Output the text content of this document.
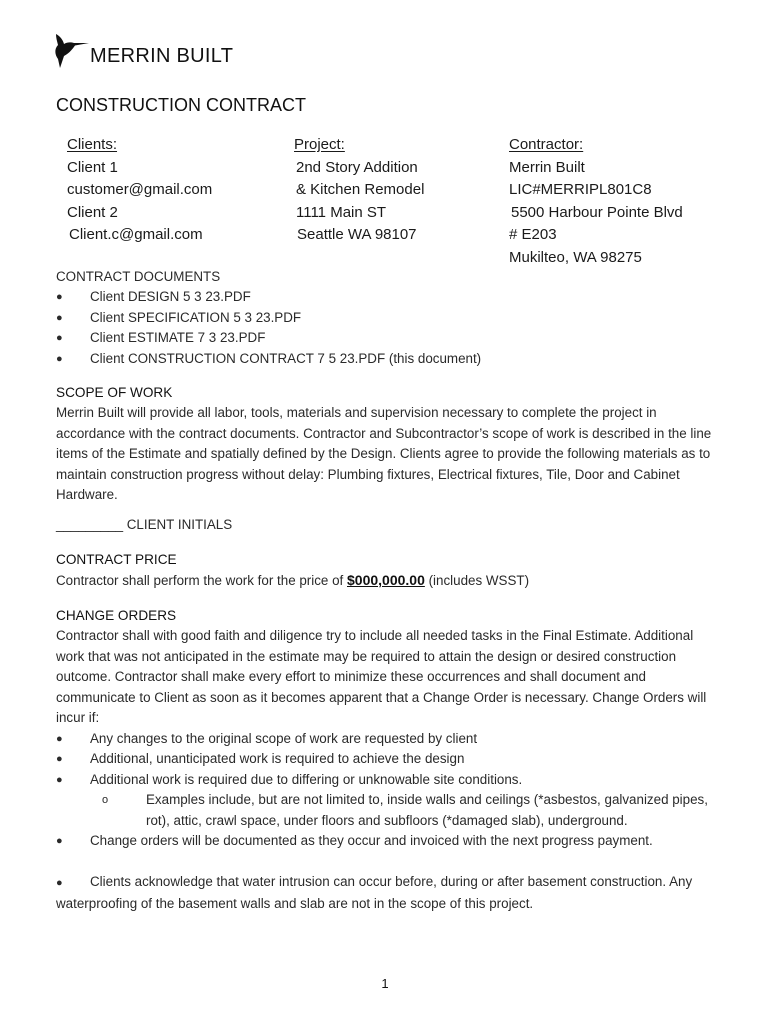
MERRIN BUILT
CONSTRUCTION CONTRACT
Clients:
Client 1
customer@gmail.com
Client 2
Client.c@gmail.com
Project:
2nd Story Addition
& Kitchen Remodel
1111 Main ST
Seattle WA 98107
Contractor:
Merrin Built
LIC#MERRIPL801C8
5500 Harbour Pointe Blvd
# E203
Mukilteo, WA 98275
CONTRACT DOCUMENTS
● Client DESIGN 5 3 23.PDF
● Client SPECIFICATION 5 3 23.PDF
● Client ESTIMATE 7 3 23.PDF
● Client CONSTRUCTION CONTRACT 7 5 23.PDF (this document)

SCOPE OF WORK

Merrin Built will provide all labor, tools, materials and supervision necessary to complete the project in accordance with the contract documents. Contractor and Subcontractor’s scope of work is described in the line items of the Estimate and spatially defined by the Design. Clients agree to provide the following materials as to maintain construction progress without delay: Plumbing fixtures, Electrical fixtures, Tile, Door and Cabinet Hardware.

_________ CLIENT INITIALS

CONTRACT PRICE

Contractor shall perform the work for the price of $000,000.00 (includes WSST)

CHANGE ORDERS

Contractor shall with good faith and diligence try to include all needed tasks in the Final Estimate. Additional work that was not anticipated in the estimate may be required to attain the design or desired construction outcome. Contractor shall make every effort to minimize these occurrences and shall document and communicate to Client as soon as it becomes apparent that a Change Order is necessary. Change Orders will incur if:

● Any changes to the original scope of work are requested by client
● Additional, unanticipated work is required to achieve the design
● Additional work is required due to differing or unknowable site conditions.
o	Examples include, but are not limited to, inside walls and ceilings (*asbestos, galvanized pipes, rot), attic, crawl space, under floors and subfloors (*damaged slab), underground.
● Change orders will be documented as they occur and invoiced with the next progress payment.
● Clients acknowledge that water intrusion can occur before, during or after basement construction. Any waterproofing of the basement walls and slab are not in the scope of this project.
1
